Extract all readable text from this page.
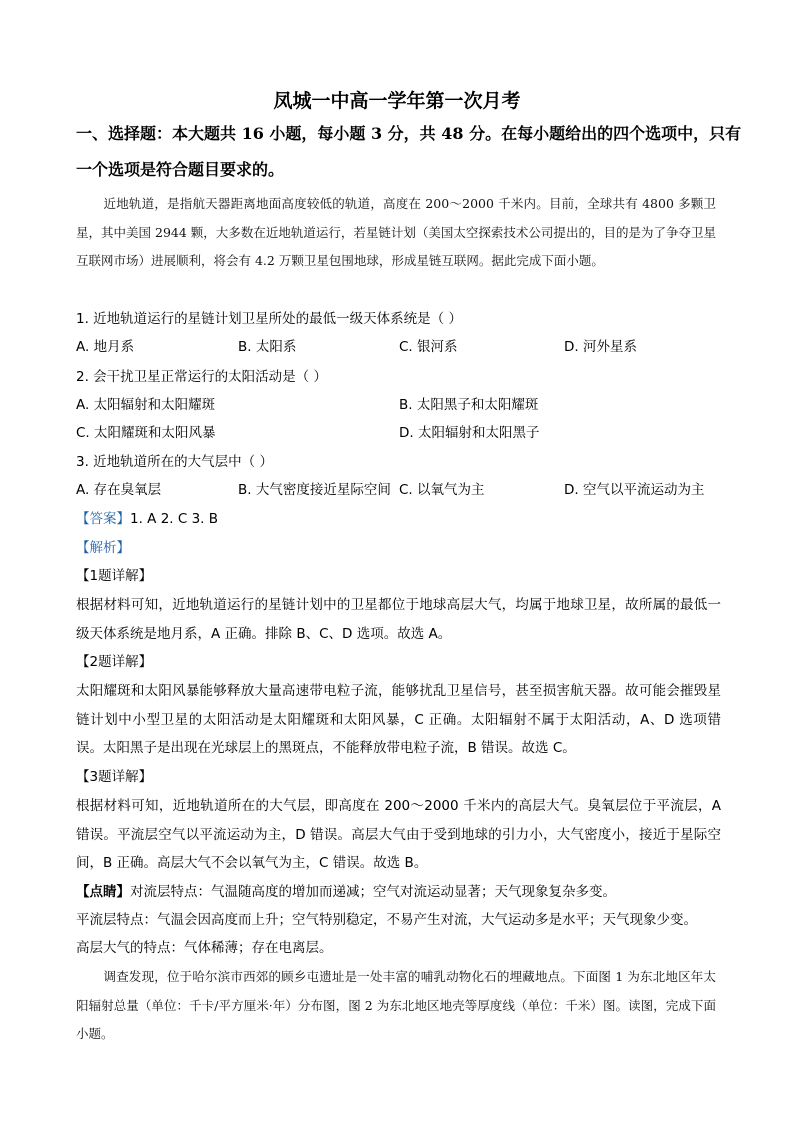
凤城一中高一学年第一次月考
一、选择题：本大题共 16 小题，每小题 3 分，共 48 分。在每小题给出的四个选项中，只有
一个选项是符合题目要求的。
近地轨道，是指航天器距离地面高度较低的轨道，高度在 200～2000 千米内。目前，全球共有 4800 多颗卫星，其中美国 2944 颗，大多数在近地轨道运行，若星链计划（美国太空探索技术公司提出的，目的是为了争夺卫星互联网市场）进展顺利，将会有 4.2 万颗卫星包围地球，形成星链互联网。据此完成下面小题。
1. 近地轨道运行的星链计划卫星所处的最低一级天体系统是（ ）
A. 地月系	B. 太阳系	C. 银河系	D. 河外星系
2. 会干扰卫星正常运行的太阳活动是（ ）
A. 太阳辐射和太阳耀斑	B. 太阳黑子和太阳耀斑
C. 太阳耀斑和太阳风暴	D. 太阳辐射和太阳黑子
3. 近地轨道所在的大气层中（ ）
A. 存在臭氧层	B. 大气密度接近星际空间 C. 以氧气为主	D. 空气以平流运动为主
【答案】1. A 2. C 3. B
【解析】
【1题详解】
根据材料可知，近地轨道运行的星链计划中的卫星都位于地球高层大气，均属于地球卫星，故所属的最低一级天体系统是地月系，A 正确。排除 B、C、D 选项。故选 A。
【2题详解】
太阳耀斑和太阳风暴能够释放大量高速带电粒子流，能够扰乱卫星信号，甚至损害航天器。故可能会摧毁星链计划中小型卫星的太阳活动是太阳耀斑和太阳风暴，C 正确。太阳辐射不属于太阳活动，A、D 选项错误。太阳黑子是出现在光球层上的黑斑点，不能释放带电粒子流，B 错误。故选 C。
【3题详解】
根据材料可知，近地轨道所在的大气层，即高度在 200～2000 千米内的高层大气。臭氧层位于平流层，A 错误。平流层空气以平流运动为主，D 错误。高层大气由于受到地球的引力小，大气密度小，接近于星际空间，B 正确。高层大气不会以氧气为主，C 错误。故选 B。
【点睛】对流层特点：气温随高度的增加而递减；空气对流运动显著；天气现象复杂多变。
平流层特点：气温会因高度而上升；空气特别稳定，不易产生对流，大气运动多是水平；天气现象少变。
高层大气的特点：气体稀薄；存在电离层。
调查发现，位于哈尔滨市西郊的顾乡屯遗址是一处丰富的哺乳动物化石的埋藏地点。下面图 1 为东北地区年太阳辐射总量（单位：千卡/平方厘米·年）分布图，图 2 为东北地区地壳等厚度线（单位：千米）图。读图，完成下面小题。
